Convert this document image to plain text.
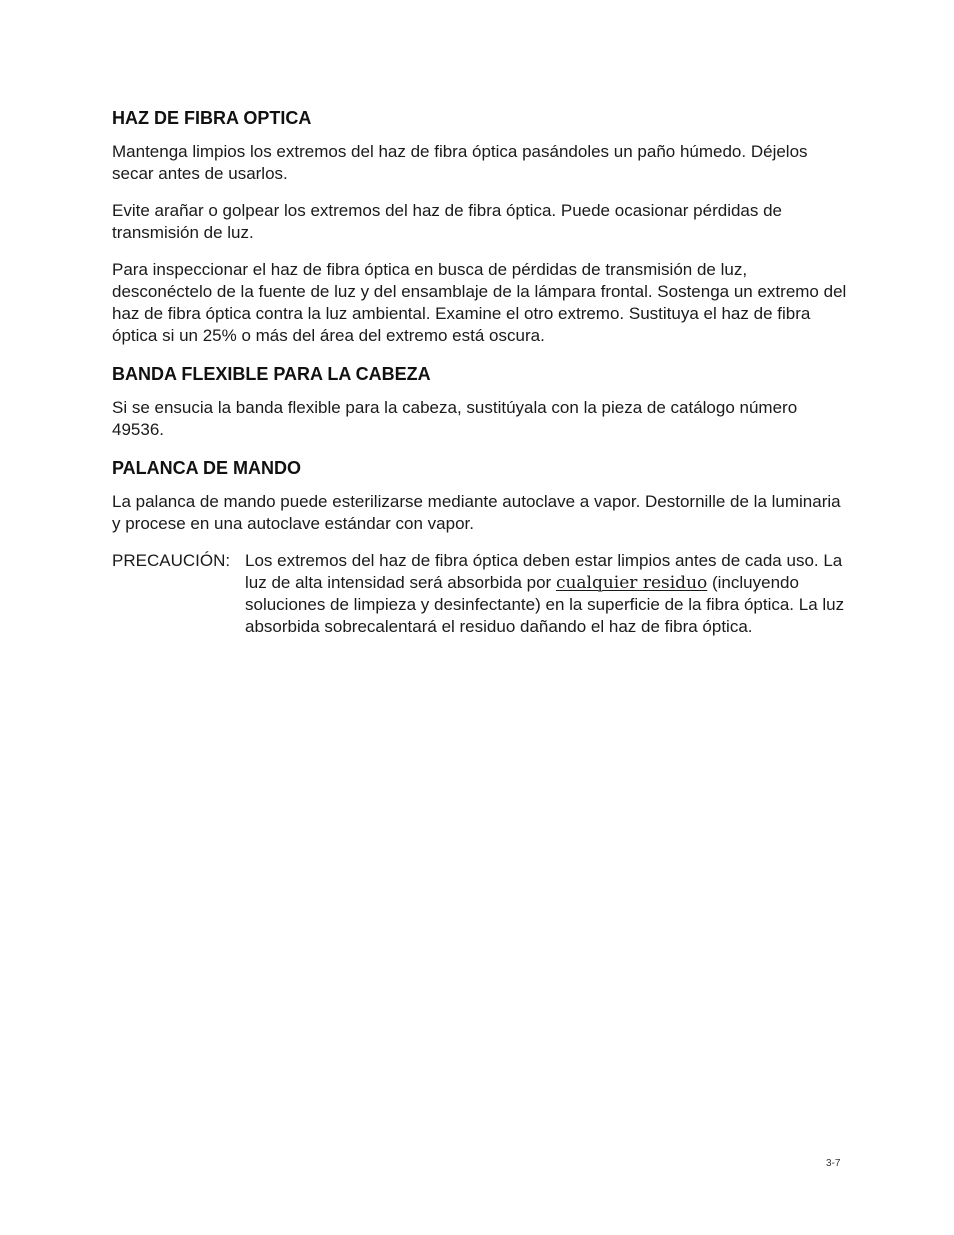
HAZ DE FIBRA OPTICA

Mantenga limpios los extremos del haz de fibra óptica pasándoles un paño húmedo. Déjelos secar antes de usarlos.

Evite arañar o golpear los extremos del haz de fibra óptica. Puede ocasionar pérdidas de transmisión de luz.

Para inspeccionar el haz de fibra óptica en busca de pérdidas de transmisión de luz, desconéctelo de la fuente de luz y del ensamblaje de la lámpara frontal. Sostenga un extremo del haz de fibra óptica contra la luz ambiental. Examine el otro extremo. Sustituya el haz de fibra óptica si un 25% o más del área del extremo está oscura.

BANDA FLEXIBLE PARA LA CABEZA

Si se ensucia la banda flexible para la cabeza, sustitúyala con la pieza de catálogo número 49536.

PALANCA DE MANDO

La palanca de mando puede esterilizarse mediante autoclave a vapor. Destornille de la luminaria y procese en una autoclave estándar con vapor.

PRECAUCIÓN: Los extremos del haz de fibra óptica deben estar limpios antes de cada uso. La luz de alta intensidad será absorbida por cualquier residuo (incluyendo soluciones de limpieza y desinfectante) en la superficie de la fibra óptica. La luz absorbida sobrecalentará el residuo dañando el haz de fibra óptica.
3-7
